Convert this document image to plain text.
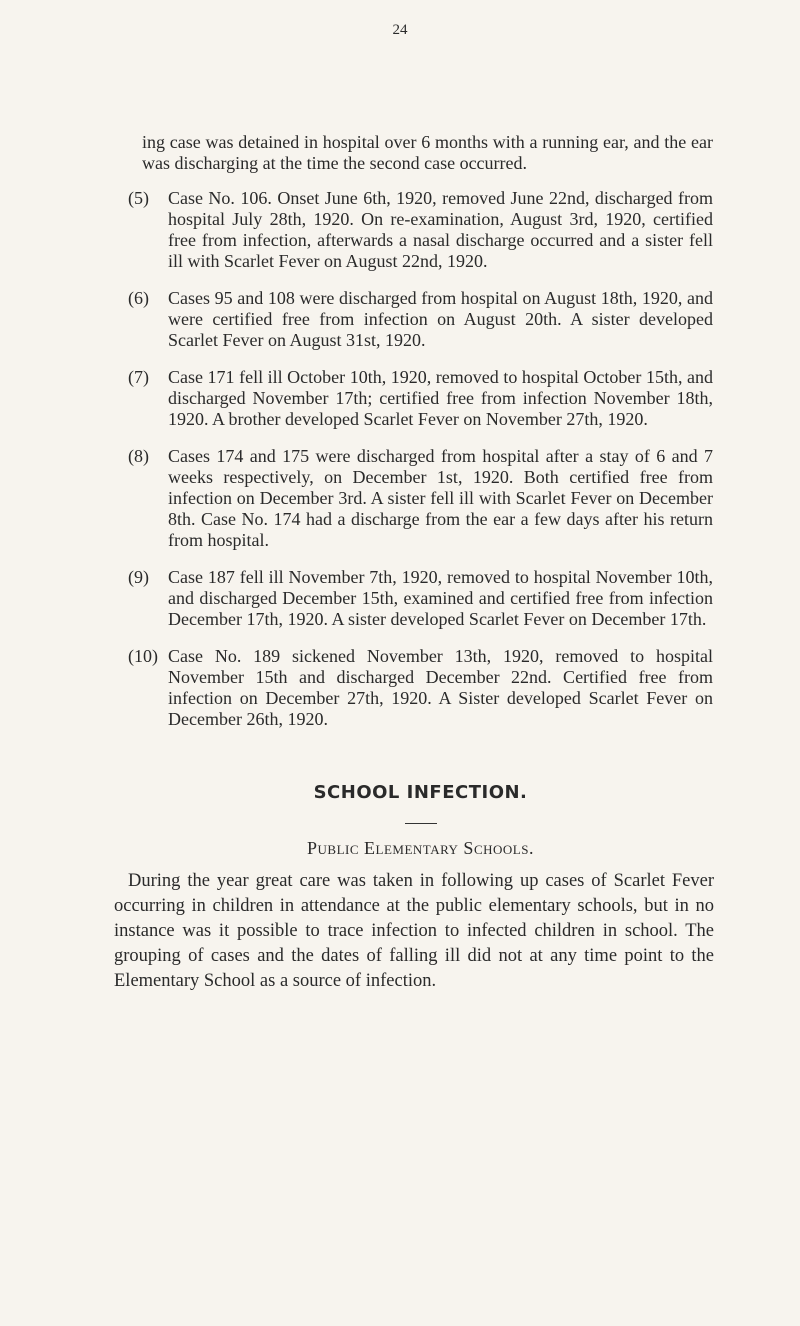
24

ing case was detained in hospital over 6 months with a running ear, and the ear was discharging at the time the second case occurred.

(5)	Case No. 106. Onset June 6th, 1920, removed June 22nd, discharged from hospital July 28th, 1920. On re-examination, August 3rd, 1920, certified free from infection, afterwards a nasal discharge occurred and a sister fell ill with Scarlet Fever on August 22nd, 1920.
(6)	Cases 95 and 108 were discharged from hospital on August 18th, 1920, and were certified free from infection on August 20th. A sister developed Scarlet Fever on August 31st, 1920.
(7)	Case 171 fell ill October 10th, 1920, removed to hospital October 15th, and discharged November 17th; certified free from infection November 18th, 1920. A brother developed Scarlet Fever on November 27th, 1920.
(8)	Cases 174 and 175 were discharged from hospital after a stay of 6 and 7 weeks respectively, on December 1st, 1920. Both certified free from infection on December 3rd. A sister fell ill with Scarlet Fever on December 8th. Case No. 174 had a discharge from the ear a few days after his return from hospital.
(9)	Case 187 fell ill November 7th, 1920, removed to hospital November 10th, and discharged December 15th, examined and certified free from infection December 17th, 1920. A sister developed Scarlet Fever on December 17th.
(10) Case No. 189 sickened November 13th, 1920, removed to hospital November 15th and discharged December 22nd. Certified free from infection on December 27th, 1920. A Sister developed Scarlet Fever on December 26th, 1920.
SCHOOL INFECTION.
Public Elementary Schools.

During the year great care was taken in following up cases of Scarlet Fever occurring in children in attendance at the public elementary schools, but in no instance was it possible to trace infection to infected children in school. The grouping of cases and the dates of falling ill did not at any time point to the Elementary School as a source of infection.
